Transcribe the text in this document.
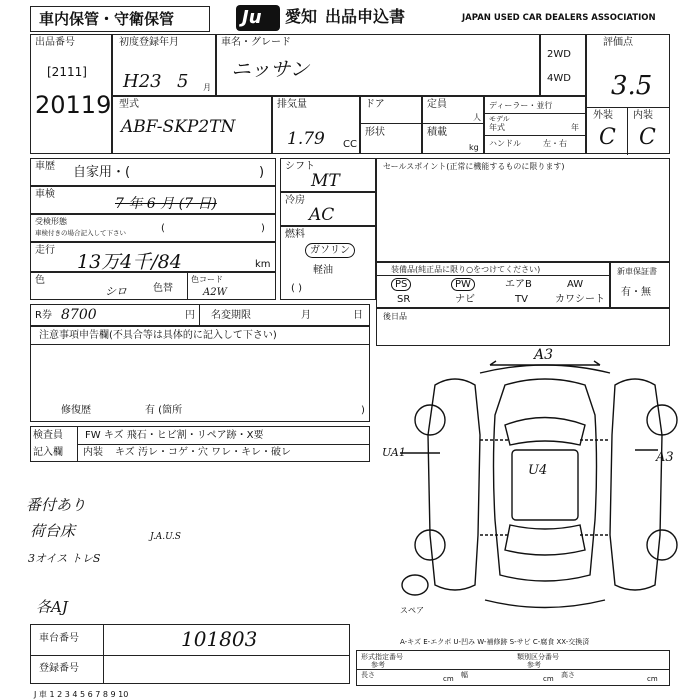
車内保管・守衛保管	Ju 愛知 出品申込書	JAPAN USED CAR DEALERS ASSOCIATION
出品番号
[2111]
20119
初度登録年月
H23 5 月
車名・グレード
ニッサン
2WD
4WD
評価点
3.5
外装 内装
C C
型式
ABF-SKP2TN
排気量
1.79 CC
ドア
形状
定員
人
積載
kg
ディーラー・並行
モデル
年式	年
ハンドル	左・右
車歴 自家用・(	)
車検
7 年 6 月 (7 日)
受検形態
車検付きの場合記入して下さい	(	)
走行
13万4千/84	km
色
シロ	色替
色コード
A2W
シフト
MT
冷房
AC
燃料
ガソリン
軽油
( )
セールスポイント(正常に機能するものに限ります)
装備品(純正品に限り○をつけてください)
PS	PW	エアB	AW
SR	ナビ	TV	カワシート
新車保証書
有・無
R券 8700	円 名変期限	月	日	後日品
注意事項申告欄(不具合等は具体的に記入して下さい)
修復歴	有 (箇所	)
検査員
記入欄
FW キズ 飛石・ヒビ割・リペア跡・X要
内装 キズ 汚レ・コゲ・穴 ワレ・キレ・破レ
番付あり
荷台床
3オイス トレS
J.A.U.S
各AJ
A3
UA1
U4
A3
スペア
車台番号	101803
登録番号
A-キズ E-エクボ U-凹み W-補修跡 S-サビ C-腐食 XX-交換済
形式指定番号
参考
類別区分番号
参考
長さ	cm 幅	cm 高さ	cm
J 車 1 2 3 4 5 6 7 8 9 10
